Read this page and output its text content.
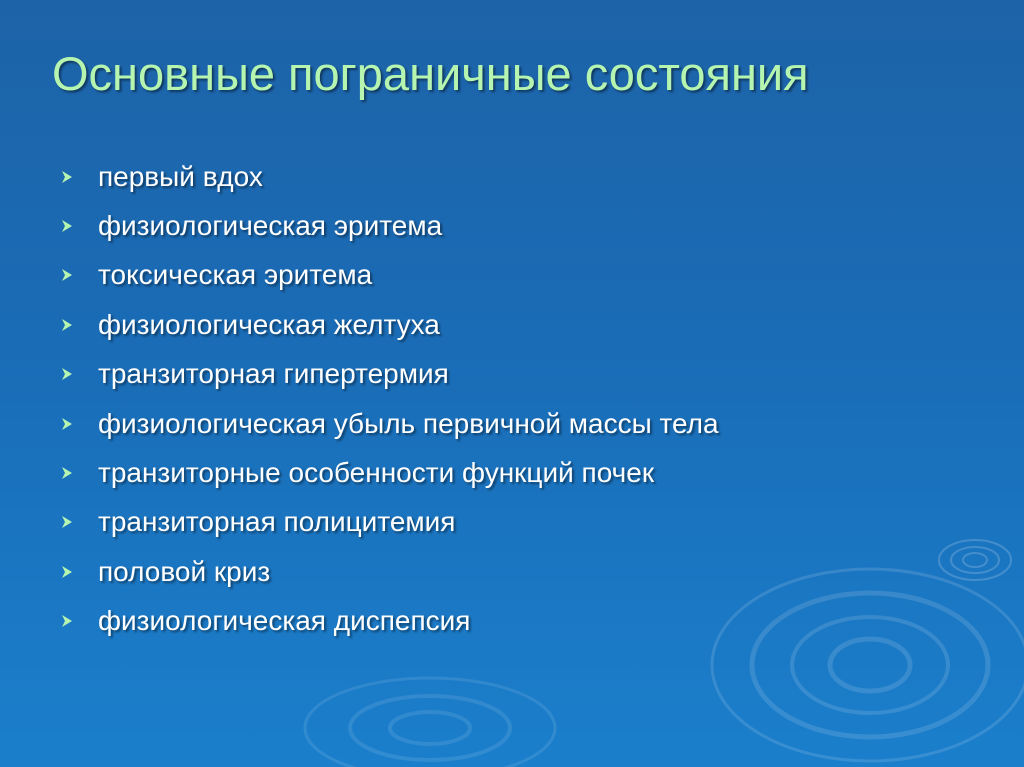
Основные пограничные состояния
первый вдох
физиологическая эритема
токсическая эритема
физиологическая желтуха
транзиторная гипертермия
физиологическая убыль первичной массы тела
транзиторные особенности функций почек
транзиторная полицитемия
половой криз
физиологическая диспепсия
